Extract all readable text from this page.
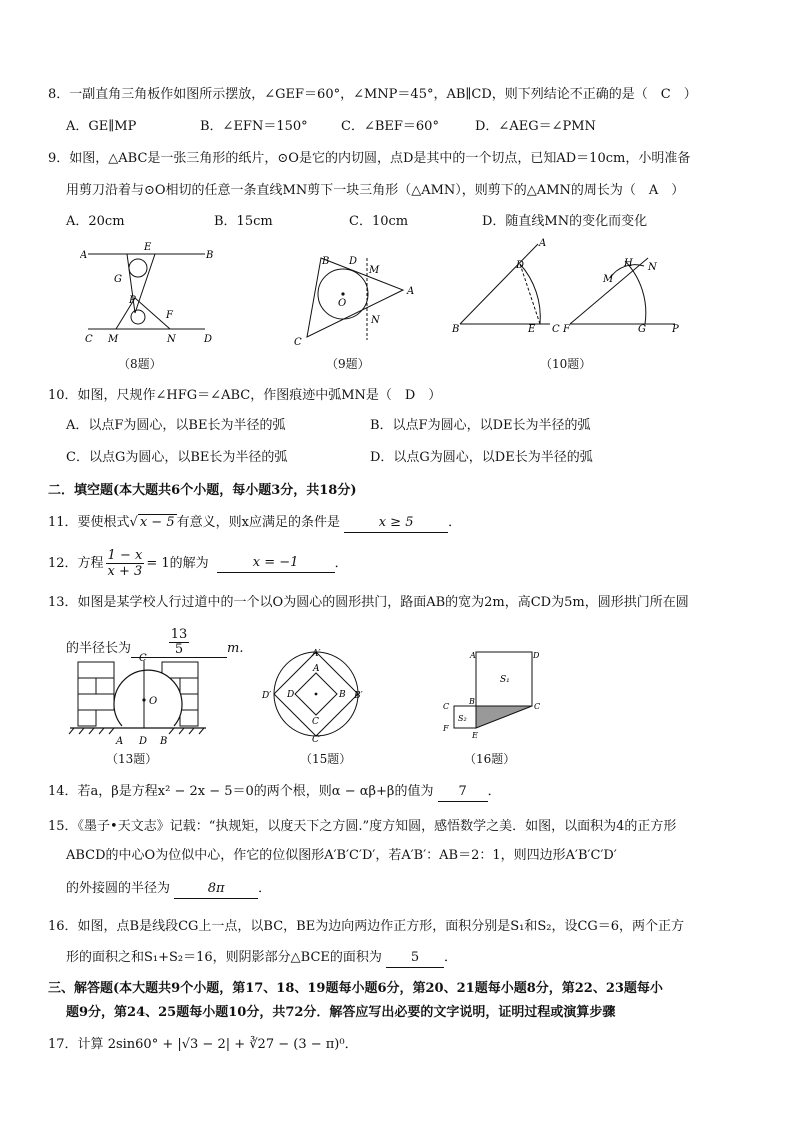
8．一副直角三角板作如图所示摆放，∠GEF＝60°，∠MNP＝45°，AB∥CD，则下列结论不正确的是（　C　）
A．GE∥MP	B．∠EFN＝150°	C．∠BEF＝60°	D．∠AEG＝∠PMN
9．如图，△ABC是一张三角形的纸片，⊙O是它的内切圆，点D是其中的一个切点，已知AD＝10cm，小明准备
用剪刀沿着与⊙O相切的任意一条直线MN剪下一块三角形（△AMN），则剪下的△AMN的周长为（　A　）
A．20cm	B．15cm	C．10cm	D．随直线MN的变化而变化
A
E
B
G
P
F
C M	N	D
B D
M
O
A
N
C
A
D
B	E C
H N
M
F	G	P
（8题）	（9题）	（10题）
10．如图，尺规作∠HFG＝∠ABC，作图痕迹中弧MN是（　D　）
A．以点F为圆心，以BE长为半径的弧	B．以点F为圆心，以DE长为半径的弧
C．以点G为圆心，以BE长为半径的弧	D．以点G为圆心，以DE长为半径的弧
二．填空题(本大题共6个小题，每小题3分，共18分)
11．要使根式√ x − 5 有意义，则x应满足的条件是	x ≥ 5	．
12．方程 $\frac{1 - x}{x + 3} = 1$的解为	x = −1	．
13．如图是某学校人行过道中的一个以O为圆心的圆形拱门，路面AB的宽为2m，高CD为5m，圆形拱门所在圆
的半径长为 $\frac{13}{5} m$.
C
O
A D B
A′
A
D′ D	B B′
C
C′
A	D
S₁
C
B
C
S₂
F
E
（13题）	（15题）	（16题）
14．若a，β是方程x² − 2x − 5＝0的两个根，则α − αβ+β的值为 7 ．
15．《墨子•天文志》记载：“执规矩，以度天下之方圆.”度方知圆，感悟数学之美．如图，以面积为4的正方形
ABCD的中心O为位似中心，作它的位似图形A′B′C′D′，若A′B′：AB＝2：1，则四边形A′B′C′D′
的外接圆的半径为	8π	．
16．如图，点B是线段CG上一点，以BC，BE为边向两边作正方形，面积分别是S₁和S₂，设CG＝6，两个正方
形的面积之和S₁+S₂＝16，则阴影部分△BCE的面积为 5 ．
三、解答题(本大题共9个小题，第17、18、19题每小题6分，第20、21题每小题8分，第22、23题每小
题9分，第24、25题每小题10分，共72分．解答应写出必要的文字说明，证明过程或演算步骤
17．计算 2sin60° + |√3 − 2| + ∛27 − (3 − π)⁰．
